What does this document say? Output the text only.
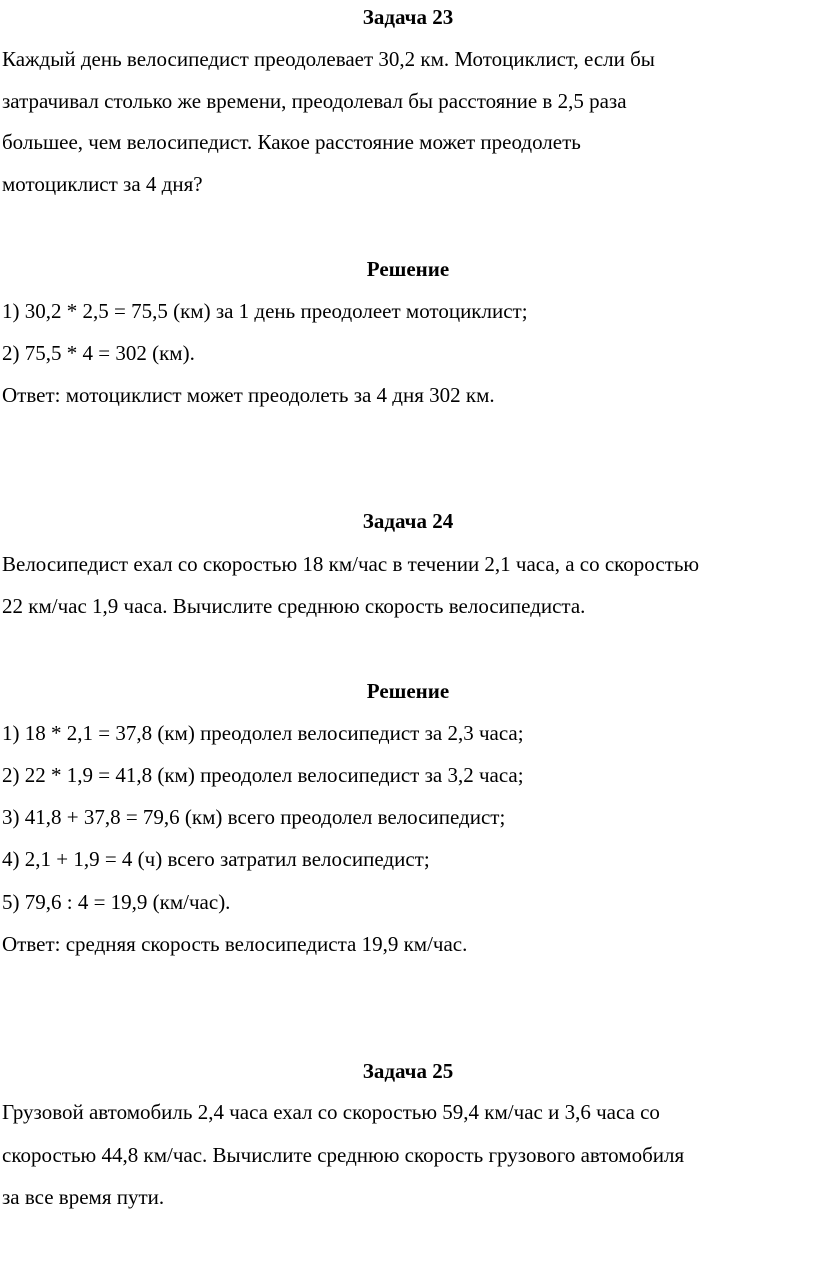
Задача 23
Каждый день велосипедист преодолевает 30,2 км. Мотоциклист, если бы
затрачивал столько же времени, преодолевал бы расстояние в 2,5 раза
большее, чем велосипедист. Какое расстояние может преодолеть
мотоциклист за 4 дня?
Решение
1) 30,2 * 2,5 = 75,5 (км) за 1 день преодолеет мотоциклист;
2) 75,5 * 4 = 302 (км).
Ответ: мотоциклист может преодолеть за 4 дня 302 км.
Задача 24
Велосипедист ехал со скоростью 18 км/час в течении 2,1 часа, а со скоростью
22 км/час 1,9 часа. Вычислите среднюю скорость велосипедиста.
Решение
1) 18 * 2,1 = 37,8 (км) преодолел велосипедист за 2,3 часа;
2) 22 * 1,9 = 41,8 (км) преодолел велосипедист за 3,2 часа;
3) 41,8 + 37,8 = 79,6 (км) всего преодолел велосипедист;
4) 2,1 + 1,9 = 4 (ч) всего затратил велосипедист;
5) 79,6 : 4 = 19,9 (км/час).
Ответ: средняя скорость велосипедиста 19,9 км/час.
Задача 25
Грузовой автомобиль 2,4 часа ехал со скоростью 59,4 км/час и 3,6 часа со
скоростью 44,8 км/час. Вычислите среднюю скорость грузового автомобиля
за все время пути.
